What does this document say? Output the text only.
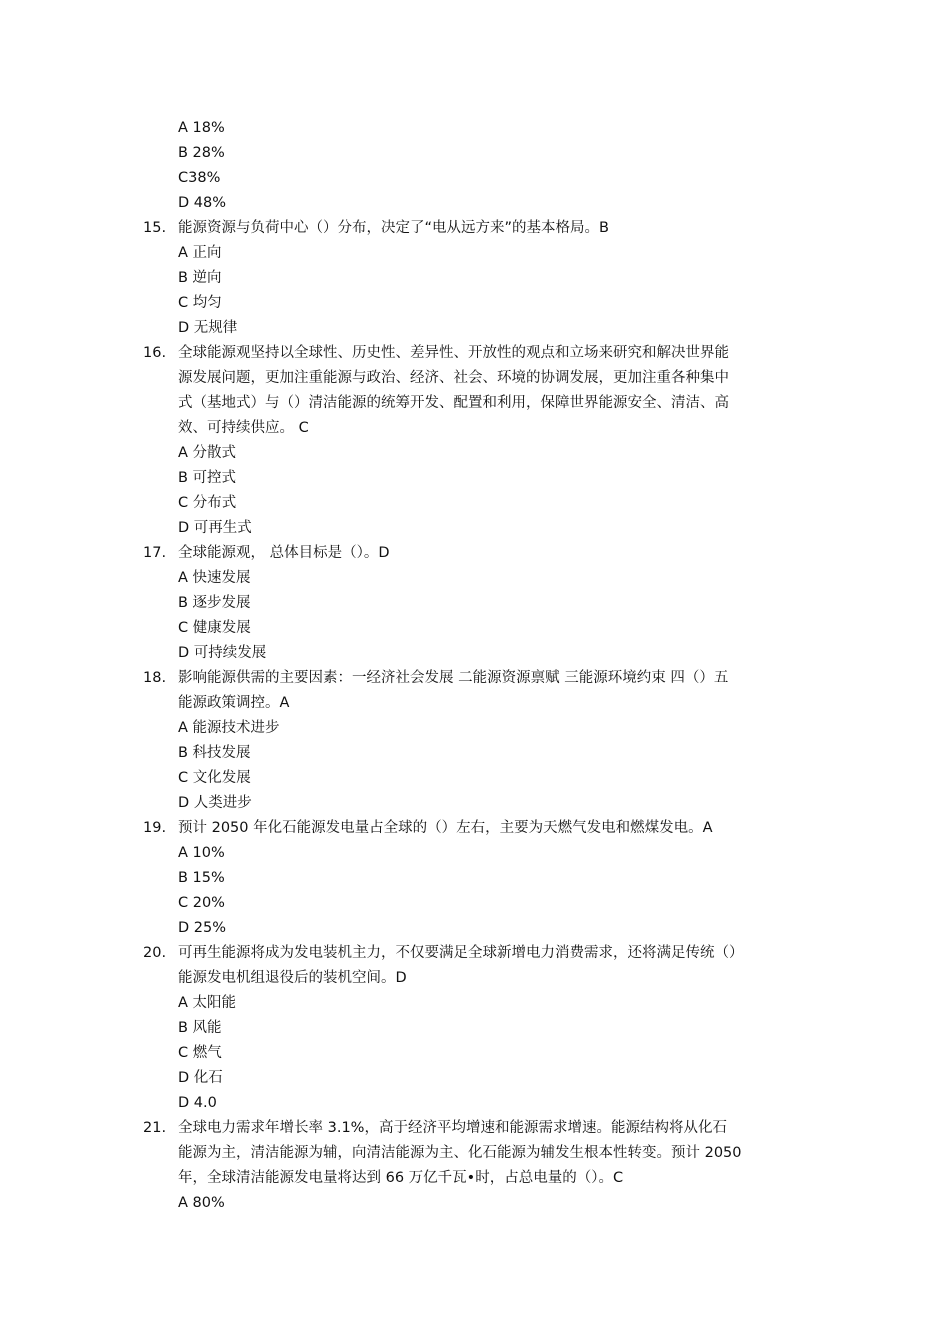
A 18%
B 28%
C38%
D 48%
15. 能源资源与负荷中心（）分布，决定了“电从远方来”的基本格局。B
A 正向
B 逆向
C 均匀
D 无规律
16. 全球能源观坚持以全球性、历史性、差异性、开放性的观点和立场来研究和解决世界能
源发展问题，更加注重能源与政治、经济、社会、环境的协调发展，更加注重各种集中
式（基地式）与（）清洁能源的统筹开发、配置和利用，保障世界能源安全、清洁、高
效、可持续供应。 C
A 分散式
B 可控式
C 分布式
D 可再生式
17. 全球能源观， 总体目标是（）。D
A 快速发展
B 逐步发展
C 健康发展
D 可持续发展
18. 影响能源供需的主要因素：一经济社会发展 二能源资源禀赋 三能源环境约束 四（）五
能源政策调控。A
A 能源技术进步
B 科技发展
C 文化发展
D 人类进步
19. 预计 2050 年化石能源发电量占全球的（）左右，主要为天燃气发电和燃煤发电。A
A 10%
B 15%
C 20%
D 25%
20. 可再生能源将成为发电装机主力，不仅要满足全球新增电力消费需求，还将满足传统（）
能源发电机组退役后的装机空间。D
A 太阳能
B 风能
C 燃气
D 化石
D 4.0
21. 全球电力需求年增长率 3.1%，高于经济平均增速和能源需求增速。能源结构将从化石
能源为主，清洁能源为辅，向清洁能源为主、化石能源为辅发生根本性转变。预计 2050
年，全球清洁能源发电量将达到 66 万亿千瓦•时，占总电量的（）。C
A 80%
